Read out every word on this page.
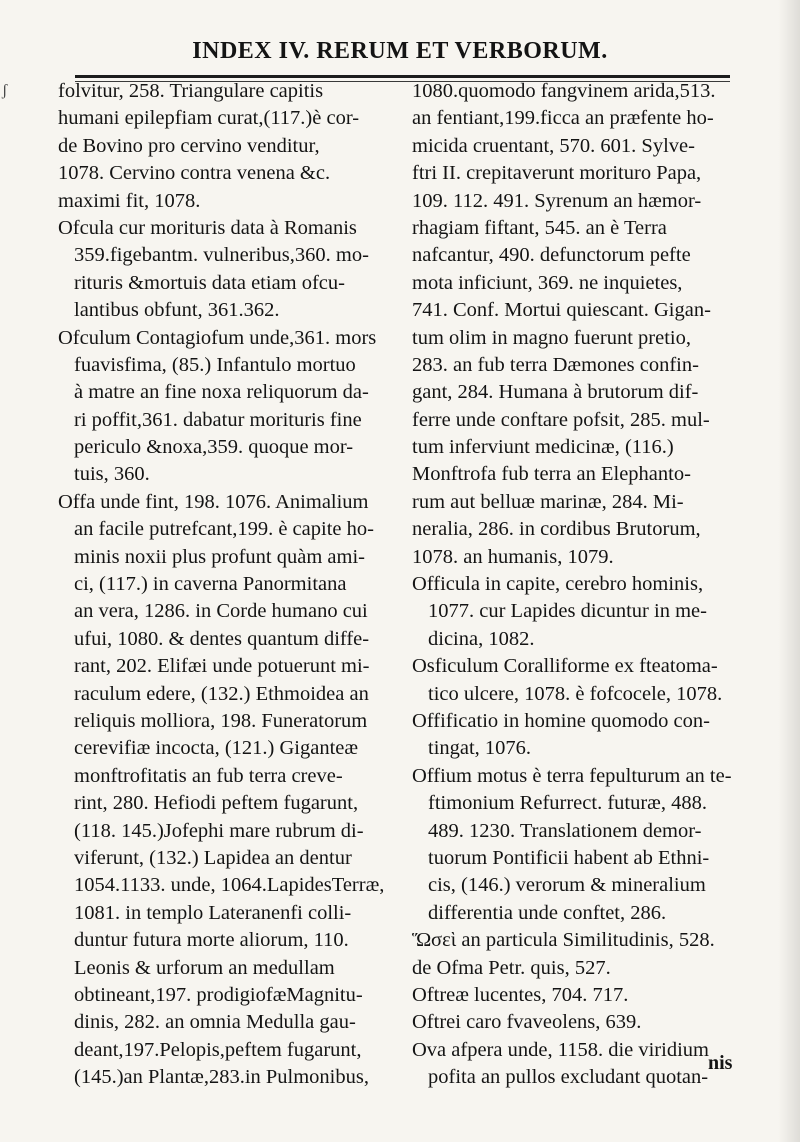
ʃ
INDEX IV. RERUM ET VERBORUM.
folvitur, 258. Triangulare capitis
humani epilepfiam curat,(117.)è cor-
de Bovino pro cervino venditur,
1078. Cervino contra venena &c.
maximi fit, 1078.
Ofcula cur morituris data à Romanis
359.figebantm. vulneribus,360. mo-
rituris &mortuis data etiam ofcu-
lantibus obfunt, 361.362.
Ofculum Contagiofum unde,361. mors
fuavisfima, (85.) Infantulo mortuo
à matre an fine noxa reliquorum da-
ri poffit,361. dabatur morituris fine
periculo &noxa,359. quoque mor-
tuis, 360.
Offa unde fint, 198. 1076. Animalium
an facile putrefcant,199. è capite ho-
minis noxii plus profunt quàm ami-
ci, (117.) in caverna Panormitana
an vera, 1286. in Corde humano cui
ufui, 1080. & dentes quantum diffe-
rant, 202. Elifæi unde potuerunt mi-
raculum edere, (132.) Ethmoidea an
reliquis molliora, 198. Funeratorum
cerevifiæ incocta, (121.) Giganteæ
monftrofitatis an fub terra creve-
rint, 280. Hefiodi peftem fugarunt,
(118. 145.)Jofephi mare rubrum di-
viferunt, (132.) Lapidea an dentur
1054.1133. unde, 1064.LapidesTerræ,
1081. in templo Lateranenfi colli-
duntur futura morte aliorum, 110.
Leonis & urforum an medullam
obtineant,197. prodigiofæMagnitu-
dinis, 282. an omnia Medulla gau-
deant,197.Pelopis,peftem fugarunt,
(145.)an Plantæ,283.in Pulmonibus,
1080.quomodo fangvinem arida,513.
an fentiant,199.ficca an præfente ho-
micida cruentant, 570. 601. Sylve-
ftri II. crepitaverunt morituro Papa,
109. 112. 491. Syrenum an hæmor-
rhagiam fiftant, 545. an è Terra
nafcantur, 490. defunctorum pefte
mota inficiunt, 369. ne inquietes,
741. Conf. Mortui quiescant. Gigan-
tum olim in magno fuerunt pretio,
283. an fub terra Dæmones confin-
gant, 284. Humana à brutorum dif-
ferre unde conftare pofsit, 285. mul-
tum inferviunt medicinæ, (116.)
Monftrofa fub terra an Elephanto-
rum aut belluæ marinæ, 284. Mi-
neralia, 286. in cordibus Brutorum,
1078. an humanis, 1079.
Officula in capite, cerebro hominis,
1077. cur Lapides dicuntur in me-
dicina, 1082.
Osficulum Coralliforme ex fteatoma-
tico ulcere, 1078. è fofcocele, 1078.
Offificatio in homine quomodo con-
tingat, 1076.
Offium motus è terra fepulturum an te-
ftimonium Refurrect. futuræ, 488.
489. 1230. Translationem demor-
tuorum Pontificii habent ab Ethni-
cis, (146.) verorum & mineralium
differentia unde conftet, 286.
Ὥσεὶ an particula Similitudinis, 528.
de Ofma Petr. quis, 527.
Oftreæ lucentes, 704. 717.
Oftrei caro fvaveolens, 639.
Ova afpera unde, 1158. die viridium
pofita an pullos excludant quotan-
nis
